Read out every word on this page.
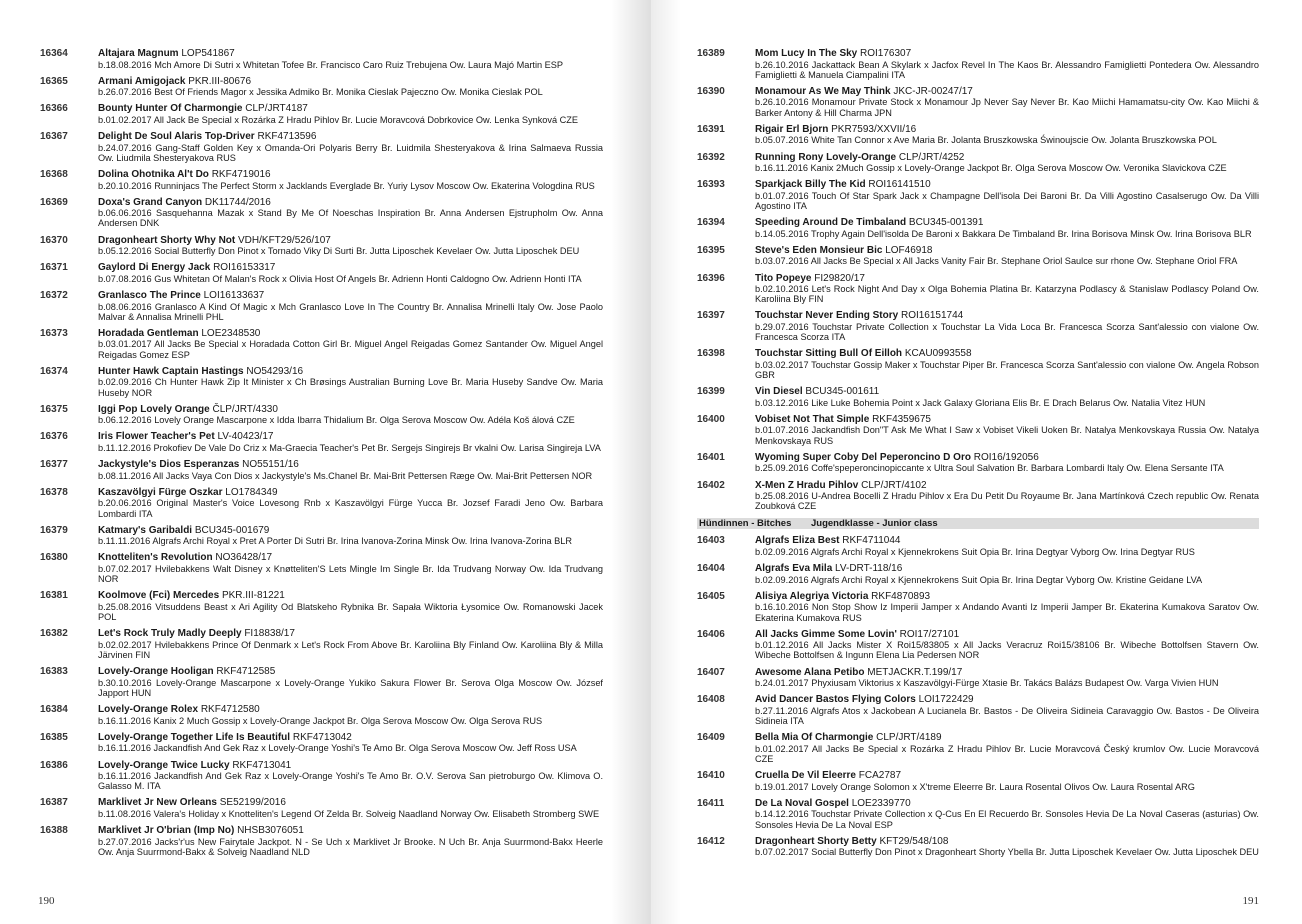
16364	Altajara Magnum LOP541867
b.18.08.2016 Mch Amore Di Sutri x Whitetan Tofee Br. Francisco Caro Ruiz Trebujena Ow. Laura Majó Martin ESP
16365	Armani Amigojack PKR.III-80676
b.26.07.2016 Best Of Friends Magor x Jessika Admiko Br. Monika Cieslak Pajeczno Ow. Monika Cieslak POL
16366	Bounty Hunter Of Charmongie CLP/JRT4187
b.01.02.2017 All Jack Be Special x Rozárka Z Hradu Pihlov Br. Lucie Moravcová Dobrkovice Ow. Lenka Synková CZE
16367	Delight De Soul Alaris Top-Driver RKF4713596
b.24.07.2016 Gang-Staff Golden Key x Omanda-Ori Polyaris Berry Br. Luidmila Shesteryakova & Irina Salmaeva Russia Ow. Liudmila Shesteryakova RUS
16368	Dolina Ohotnika Al't Do RKF4719016
b.20.10.2016 Runninjacs The Perfect Storm x Jacklands Everglade Br. Yuriy Lysov Moscow Ow. Ekaterina Vologdina RUS
16369	Doxa's Grand Canyon DK11744/2016
b.06.06.2016 Sasquehanna Mazak x Stand By Me Of Noeschas Inspiration Br. Anna Andersen Ejstrupholm Ow. Anna Andersen DNK
16370	Dragonheart Shorty Why Not VDH/KFT29/526/107
b.05.12.2016 Social Butterfly Don Pinot x Tornado Viky Di Surti Br. Jutta Liposchek Kevelaer Ow. Jutta Liposchek DEU
16371	Gaylord Di Energy Jack ROI16153317
b.07.08.2016 Gus Whitetan Of Malan's Rock x Olivia Host Of Angels Br. Adrienn Honti Caldogno Ow. Adrienn Honti ITA
16372	Granlasco The Prince LOI16133637
b.08.06.2016 Granlasco A Kind Of Magic x Mch Granlasco Love In The Country Br. Annalisa Mrinelli Italy Ow. Jose Paolo Malvar & Annalisa Mrinelli PHL
16373	Horadada Gentleman LOE2348530
b.03.01.2017 All Jacks Be Special x Horadada Cotton Girl Br. Miguel Angel Reigadas Gomez Santander Ow. Miguel Angel Reigadas Gomez ESP
16374	Hunter Hawk Captain Hastings NO54293/16
b.02.09.2016 Ch Hunter Hawk Zip It Minister x Ch Brøsings Australian Burning Love Br. Maria Huseby Sandve Ow. Maria Huseby NOR
16375	Iggi Pop Lovely Orange ČLP/JRT/4330
b.06.12.2016 Lovely Orange Mascarpone x Idda Ibarra Thidalium Br. Olga Serova Moscow Ow. Adéla Koš álová CZE
16376	Iris Flower Teacher's Pet LV-40423/17
b.11.12.2016 Prokofiev De Vale Do Criz x Ma-Graecia Teacher's Pet Br. Sergejs Singirejs Br vkalni Ow. Larisa Singireja LVA
16377	Jackystyle's Dios Esperanzas NO55151/16
b.08.11.2016 All Jacks Vaya Con Dios x Jackystyle's Ms.Chanel Br. Mai-Brit Pettersen Ræge Ow. Mai-Brit Pettersen NOR
16378	Kaszavölgyi Fürge Oszkar LO1784349
b.20.06.2016 Original Master's Voice Lovesong Rnb x Kaszavölgyi Fürge Yucca Br. Jozsef Faradi Jeno Ow. Barbara Lombardi ITA
16379	Katmary's Garibaldi BCU345-001679
b.11.11.2016 Algrafs Archi Royal x Pret A Porter Di Sutri Br. Irina Ivanova-Zorina Minsk Ow. Irina Ivanova-Zorina BLR
16380	Knotteliten's Revolution NO36428/17
b.07.02.2017 Hvilebakkens Walt Disney x Knøtteliten'S Lets Mingle Im Single Br. Ida Trudvang Norway Ow. Ida Trudvang NOR
16381	Koolmove (Fci) Mercedes PKR.III-81221
b.25.08.2016 Vitsuddens Beast x Ari Agility Od Blatskeho Rybnika Br. Sapała Wiktoria Łysomice Ow. Romanowski Jacek POL
16382	Let's Rock Truly Madly Deeply FI18838/17
b.02.02.2017 Hvilebakkens Prince Of Denmark x Let's Rock From Above Br. Karoliina Bly Finland Ow. Karoliina Bly & Milla Järvinen FIN
16383	Lovely-Orange Hooligan RKF4712585
b.30.10.2016 Lovely-Orange Mascarpone x Lovely-Orange Yukiko Sakura Flower Br. Serova Olga Moscow Ow. József Japport HUN
16384	Lovely-Orange Rolex RKF4712580
b.16.11.2016 Kanix 2 Much Gossip x Lovely-Orange Jackpot Br. Olga Serova Moscow Ow. Olga Serova RUS
16385	Lovely-Orange Together Life Is Beautiful RKF4713042
b.16.11.2016 Jackandfish And Gek Raz x Lovely-Orange Yoshi's Te Amo Br. Olga Serova Moscow Ow. Jeff Ross USA
16386	Lovely-Orange Twice Lucky RKF4713041
b.16.11.2016 Jackandfish And Gek Raz x Lovely-Orange Yoshi's Te Amo Br. O.V. Serova San pietroburgo Ow. Klimova O. Galasso M. ITA
16387	Marklivet Jr New Orleans SE52199/2016
b.11.08.2016 Valera's Holiday x Knotteliten's Legend Of Zelda Br. Solveig Naadland Norway Ow. Elisabeth Stromberg SWE
16388	Marklivet Jr O'brian (Imp No) NHSB3076051
b.27.07.2016 Jacks'r'us New Fairytale Jackpot. N - Se Uch x Marklivet Jr Brooke. N Uch Br. Anja Suurrmond-Bakx Heerle Ow. Anja Suurrmond-Bakx & Solveig Naadland NLD
190
16389	Mom Lucy In The Sky ROI176307
b.26.10.2016 Jackattack Bean A Skylark x Jacfox Revel In The Kaos Br. Alessandro Famiglietti Pontedera Ow. Alessandro Famiglietti & Manuela Ciampalini ITA
16390	Monamour As We May Think JKC-JR-00247/17
b.26.10.2016 Monamour Private Stock x Monamour Jp Never Say Never Br. Kao Miichi Hamamatsu-city Ow. Kao Miichi & Barker Antony & Hill Charma JPN
16391	Rigair Erl Bjorn PKR7593/XXVII/16
b.05.07.2016 White Tan Connor x Ave Maria Br. Jolanta Bruszkowska Świnoujscie Ow. Jolanta Bruszkowska POL
16392	Running Rony Lovely-Orange CLP/JRT/4252
b.16.11.2016 Kanix 2Much Gossip x Lovely-Orange Jackpot Br. Olga Serova Moscow Ow. Veronika Slavickova CZE
16393	Sparkjack Billy The Kid ROI16141510
b.01.07.2016 Touch Of Star Spark Jack x Champagne Dell'isola Dei Baroni Br. Da Villi Agostino Casalserugo Ow. Da Villi Agostino ITA
16394	Speeding Around De Timbaland BCU345-001391
b.14.05.2016 Trophy Again Dell'isolda De Baroni x Bakkara De Timbaland Br. Irina Borisova Minsk Ow. Irina Borisova BLR
16395	Steve's Eden Monsieur Bic LOF46918
b.03.07.2016 All Jacks Be Special x All Jacks Vanity Fair Br. Stephane Oriol Saulce sur rhone Ow. Stephane Oriol FRA
16396	Tito Popeye FI29820/17
b.02.10.2016 Let's Rock Night And Day x Olga Bohemia Platina Br. Katarzyna Podlascy & Stanislaw Podlascy Poland Ow. Karoliina Bly FIN
16397	Touchstar Never Ending Story ROI16151744
b.29.07.2016 Touchstar Private Collection x Touchstar La Vida Loca Br. Francesca Scorza Sant'alessio con vialone Ow. Francesca Scorza ITA
16398	Touchstar Sitting Bull Of Eilloh KCAU0993558
b.03.02.2017 Touchstar Gossip Maker x Touchstar Piper Br. Francesca Scorza Sant'alessio con vialone Ow. Angela Robson GBR
16399	Vin Diesel BCU345-001611
b.03.12.2016 Like Luke Bohemia Point x Jack Galaxy Gloriana Elis Br. E Drach Belarus Ow. Natalia Vitez HUN
16400	Vobiset Not That Simple RKF4359675
b.01.07.2016 Jackandfish Don"T Ask Me What I Saw x Vobiset Vikeli Uoken Br. Natalya Menkovskaya Russia Ow. Natalya Menkovskaya RUS
16401	Wyoming Super Coby Del Peperoncino D Oro ROI16/192056
b.25.09.2016 Coffe'speperoncinopiccante x Ultra Soul Salvation Br. Barbara Lombardi Italy Ow. Elena Sersante ITA
16402	X-Men Z Hradu Pihlov CLP/JRT/4102
b.25.08.2016 U-Andrea Bocelli Z Hradu Pihlov x Era Du Petit Du Royaume Br. Jana Martínková Czech republic Ow. Renata Zoubková CZE
Hündinnen - Bitches	Jugendklasse - Junior class
16403	Algrafs Eliza Best RKF4711044
b.02.09.2016 Algrafs Archi Royal x Kjennekrokens Suit Opia Br. Irina Degtyar Vyborg Ow. Irina Degtyar RUS
16404	Algrafs Eva Mila LV-DRT-118/16
b.02.09.2016 Algrafs Archi Royal x Kjennekrokens Suit Opia Br. Irina Degtar Vyborg Ow. Kristine Geidane LVA
16405	Alisiya Alegriya Victoria RKF4870893
b.16.10.2016 Non Stop Show Iz Imperii Jamper x Andando Avanti Iz Imperii Jamper Br. Ekaterina Kumakova Saratov Ow. Ekaterina Kumakova RUS
16406	All Jacks Gimme Some Lovin' ROI17/27101
b.01.12.2016 All Jacks Mister X Roi15/83805 x All Jacks Veracruz Roi15/38106 Br. Wibeche Bottolfsen Stavern Ow. Wibeche Bottolfsen & Ingunn Elena Lia Pedersen NOR
16407	Awesome Alana Petibo METJACKR.T.199/17
b.24.01.2017 Phyxiusam Viktorius x Kaszavölgyi-Fürge Xtasie Br. Takács Balázs Budapest Ow. Varga Vivien HUN
16408	Avid Dancer Bastos Flying Colors LOI1722429
b.27.11.2016 Algrafs Atos x Jackobean A Lucianela Br. Bastos - De Oliveira Sidineia Caravaggio Ow. Bastos - De Oliveira Sidineia ITA
16409	Bella Mia Of Charmongie CLP/JRT/4189
b.01.02.2017 All Jacks Be Special x Rozárka Z Hradu Pihlov Br. Lucie Moravcová Český krumlov Ow. Lucie Moravcová CZE
16410	Cruella De Vil Eleerre FCA2787
b.19.01.2017 Lovely Orange Solomon x X'treme Eleerre Br. Laura Rosental Olivos Ow. Laura Rosental ARG
16411	De La Noval Gospel LOE2339770
b.14.12.2016 Touchstar Private Collection x Q-Cus En El Recuerdo Br. Sonsoles Hevia De La Noval Caseras (asturias) Ow. Sonsoles Hevia De La Noval ESP
16412	Dragonheart Shorty Betty KFT29/548/108
b.07.02.2017 Social Butterfly Don Pinot x Dragonheart Shorty Ybella Br. Jutta Liposchek Kevelaer Ow. Jutta Liposchek DEU
191
